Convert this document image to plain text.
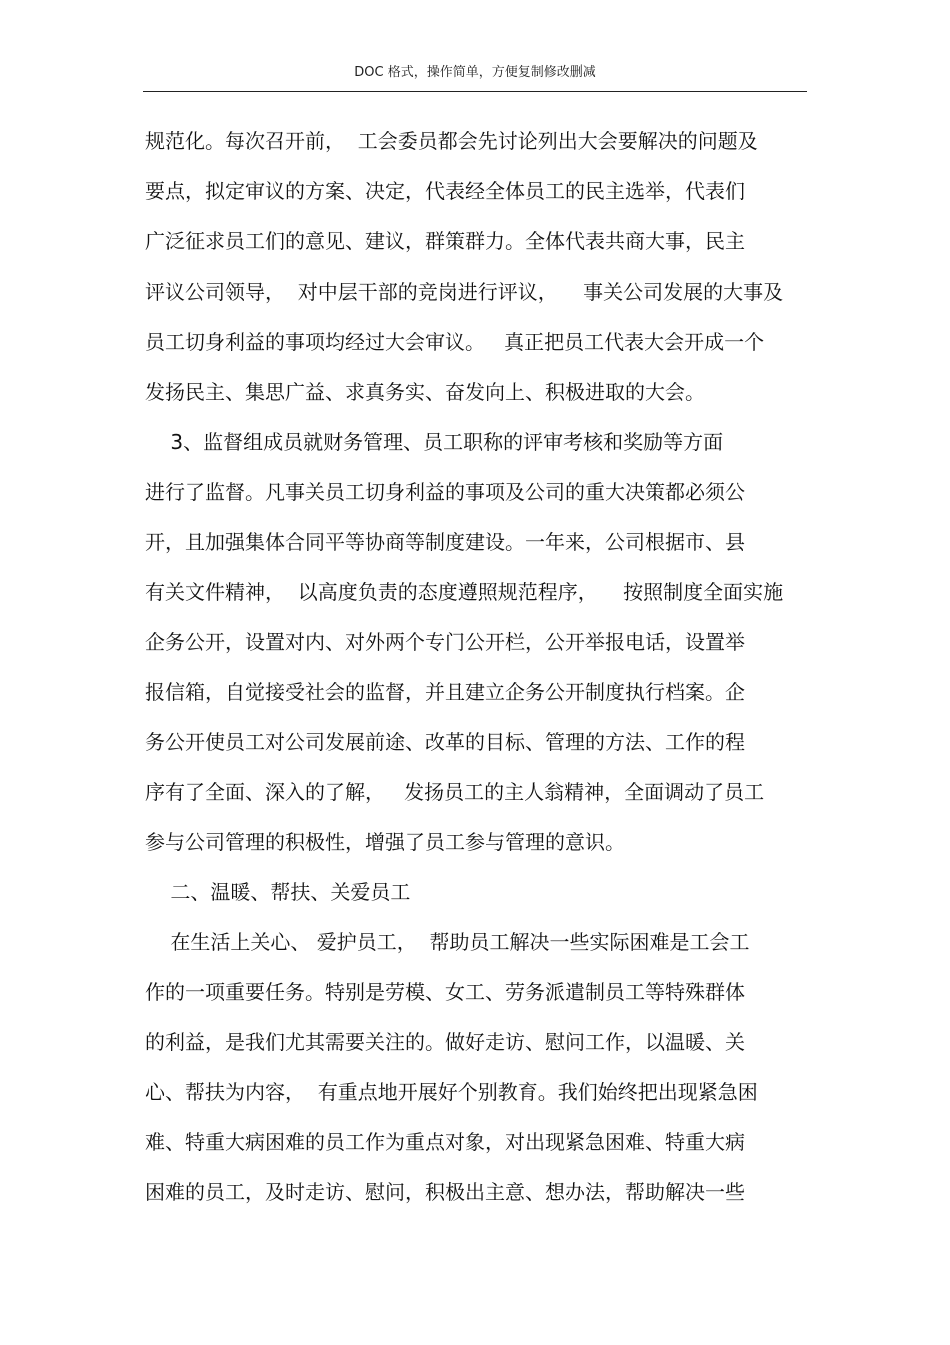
DOC 格式，操作简单，方便复制修改删减
规范化。每次召开前，  工会委员都会先讨论列出大会要解决的问题及
要点，拟定审议的方案、决定，代表经全体员工的民主选举，代表们
广泛征求员工们的意见、建议，群策群力。全体代表共商大事，民主
评议公司领导，  对中层干部的竞岗进行评议，    事关公司发展的大事及
员工切身利益的事项均经过大会审议。   真正把员工代表大会开成一个
发扬民主、集思广益、求真务实、奋发向上、积极进取的大会。
3、监督组成员就财务管理、员工职称的评审考核和奖励等方面
进行了监督。凡事关员工切身利益的事项及公司的重大决策都必须公
开，且加强集体合同平等协商等制度建设。一年来，公司根据市、县
有关文件精神，  以高度负责的态度遵照规范程序，    按照制度全面实施
企务公开，设置对内、对外两个专门公开栏，公开举报电话，设置举
报信箱，自觉接受社会的监督，并且建立企务公开制度执行档案。企
务公开使员工对公司发展前途、改革的目标、管理的方法、工作的程
序有了全面、深入的了解，   发扬员工的主人翁精神，全面调动了员工
参与公司管理的积极性，增强了员工参与管理的意识。
二、温暖、帮扶、关爱员工
在生活上关心、 爱护员工，  帮助员工解决一些实际困难是工会工
作的一项重要任务。特别是劳模、女工、劳务派遣制员工等特殊群体
的利益，是我们尤其需要关注的。做好走访、慰问工作，以温暖、关
心、帮扶为内容，  有重点地开展好个别教育。我们始终把出现紧急困
难、特重大病困难的员工作为重点对象，对出现紧急困难、特重大病
困难的员工，及时走访、慰问，积极出主意、想办法，帮助解决一些
